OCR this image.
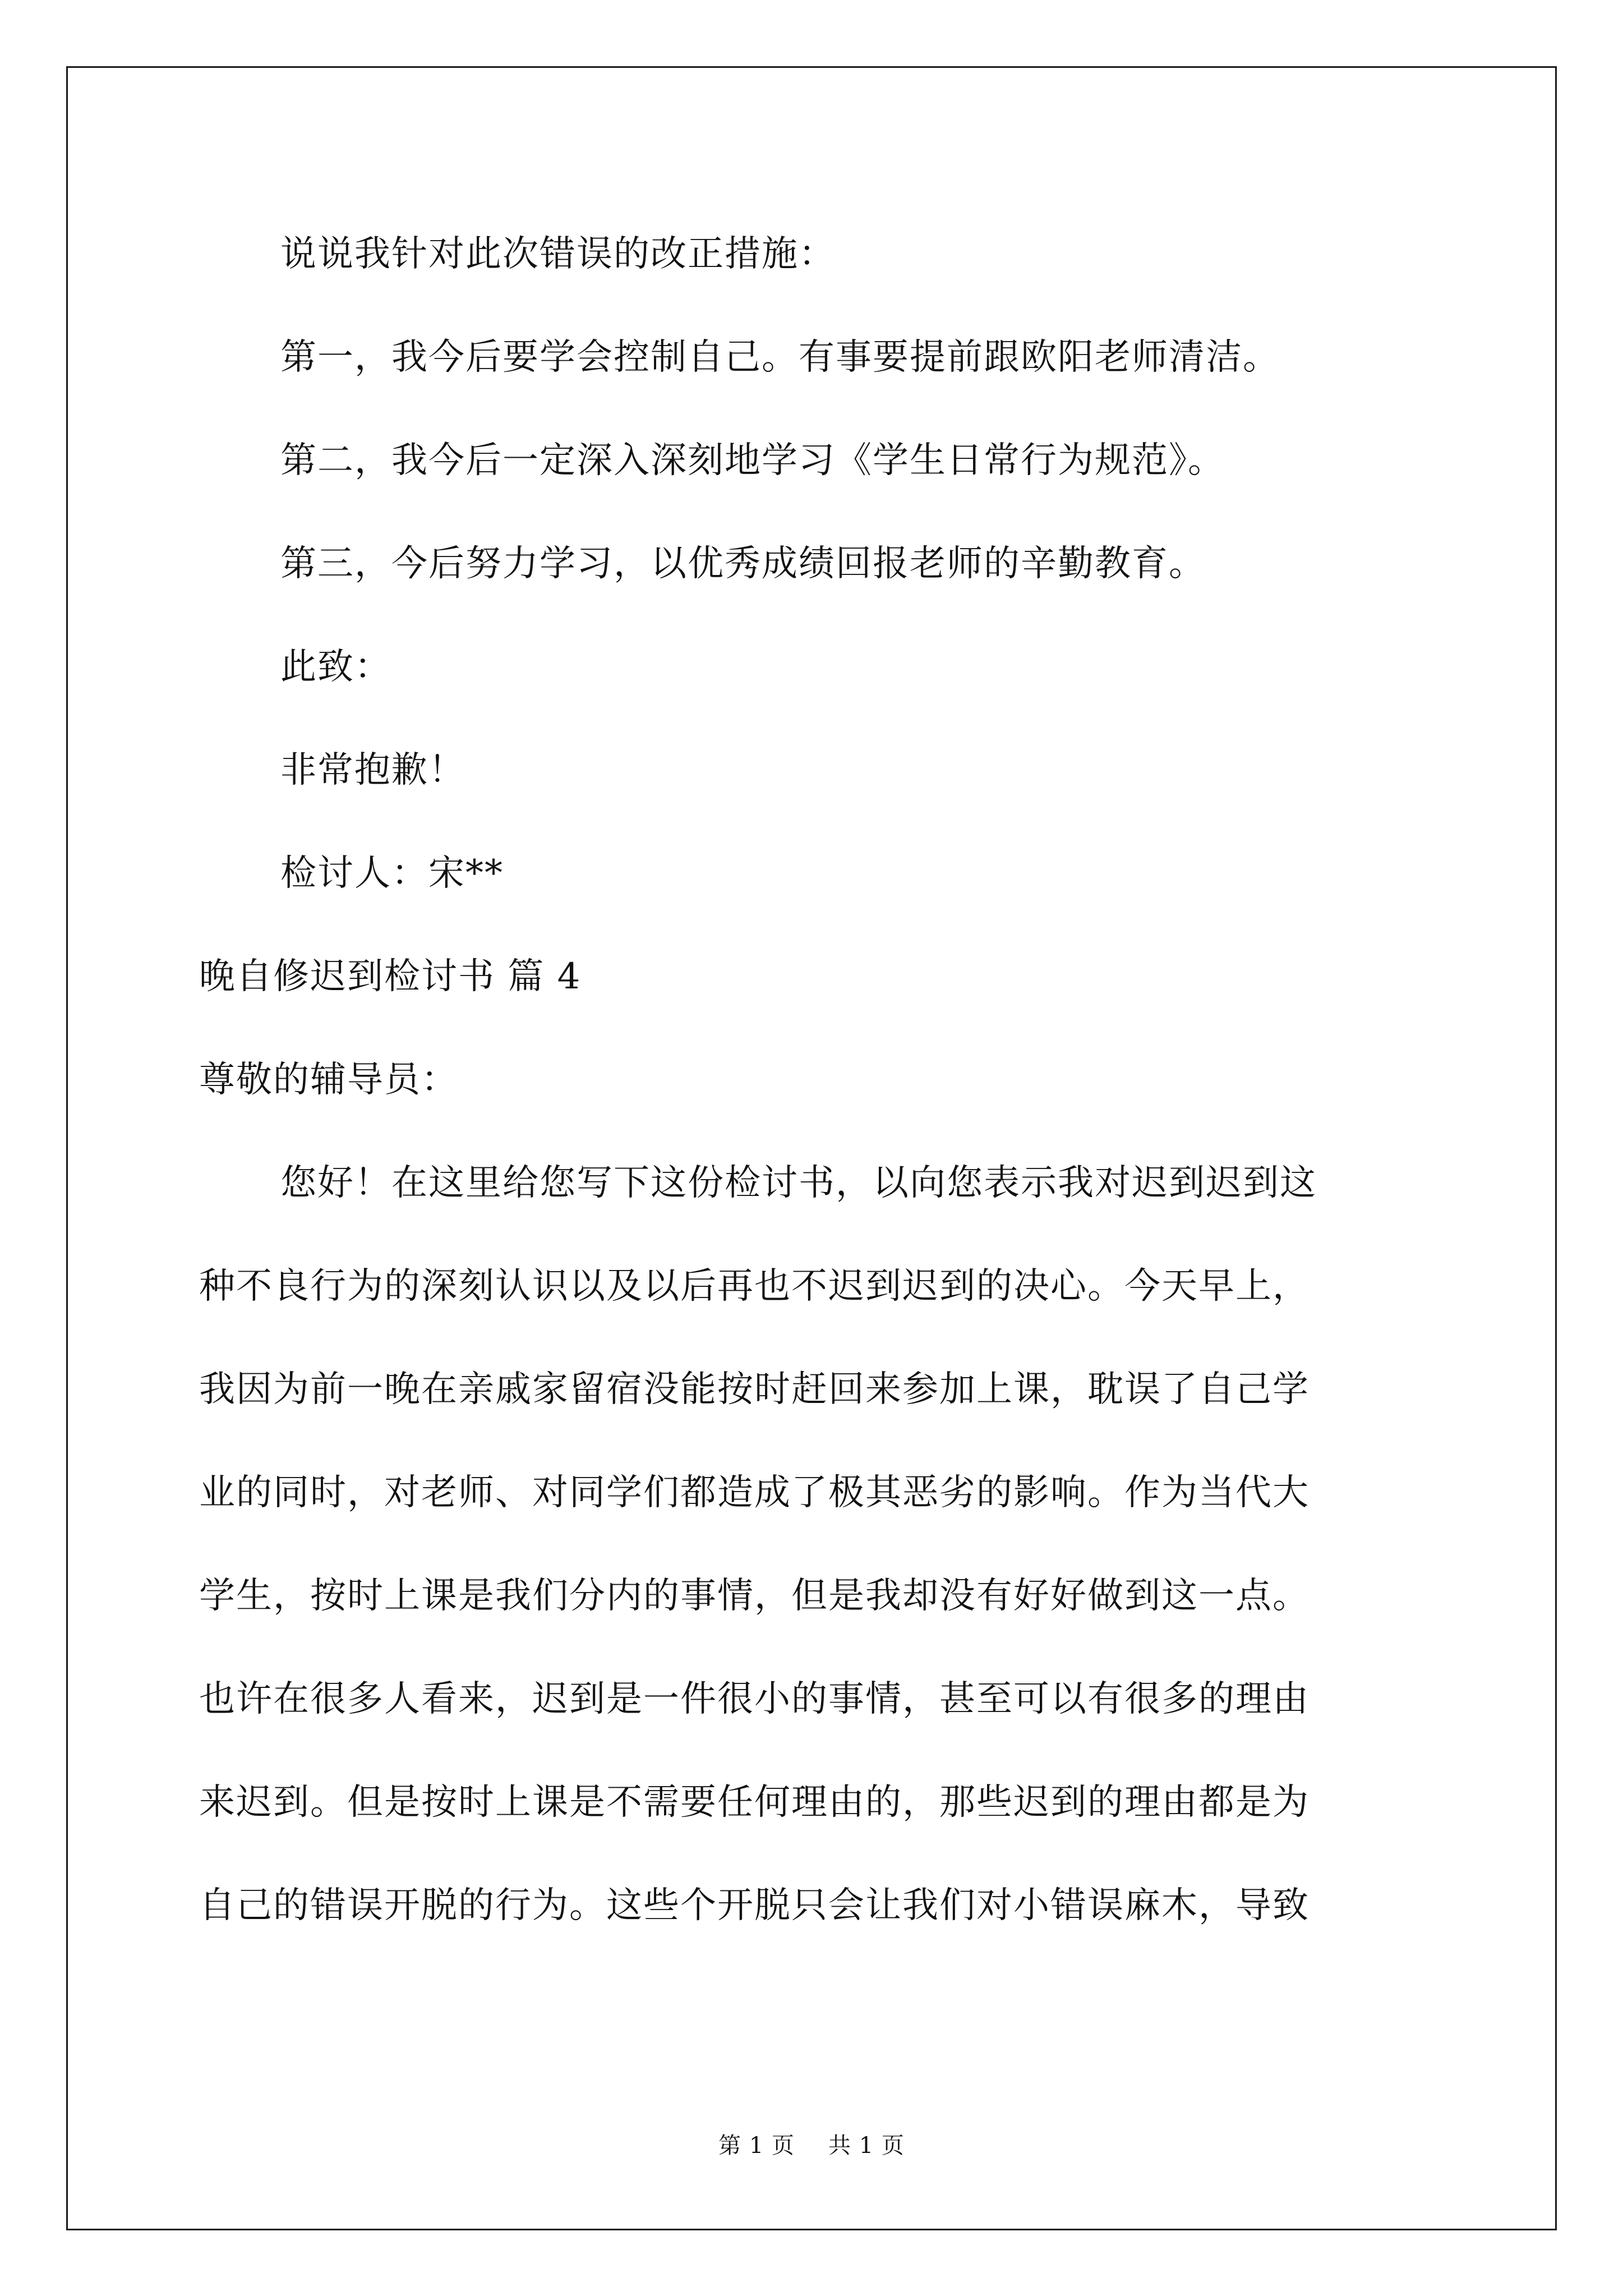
说说我针对此次错误的改正措施：
第一，我今后要学会控制自己。有事要提前跟欧阳老师清洁。
第二，我今后一定深入深刻地学习《学生日常行为规范》。
第三，今后努力学习，以优秀成绩回报老师的辛勤教育。
此致：
非常抱歉！
检讨人：宋**
晚自修迟到检讨书 篇 4
尊敬的辅导员：
您好！在这里给您写下这份检讨书，以向您表示我对迟到迟到这
种不良行为的深刻认识以及以后再也不迟到迟到的决心。今天早上，
我因为前一晚在亲戚家留宿没能按时赶回来参加上课，耽误了自己学
业的同时，对老师、对同学们都造成了极其恶劣的影响。作为当代大
学生，按时上课是我们分内的事情，但是我却没有好好做到这一点。
也许在很多人看来，迟到是一件很小的事情，甚至可以有很多的理由
来迟到。但是按时上课是不需要任何理由的，那些迟到的理由都是为
自己的错误开脱的行为。这些个开脱只会让我们对小错误麻木，导致
第 1 页 共 1 页
